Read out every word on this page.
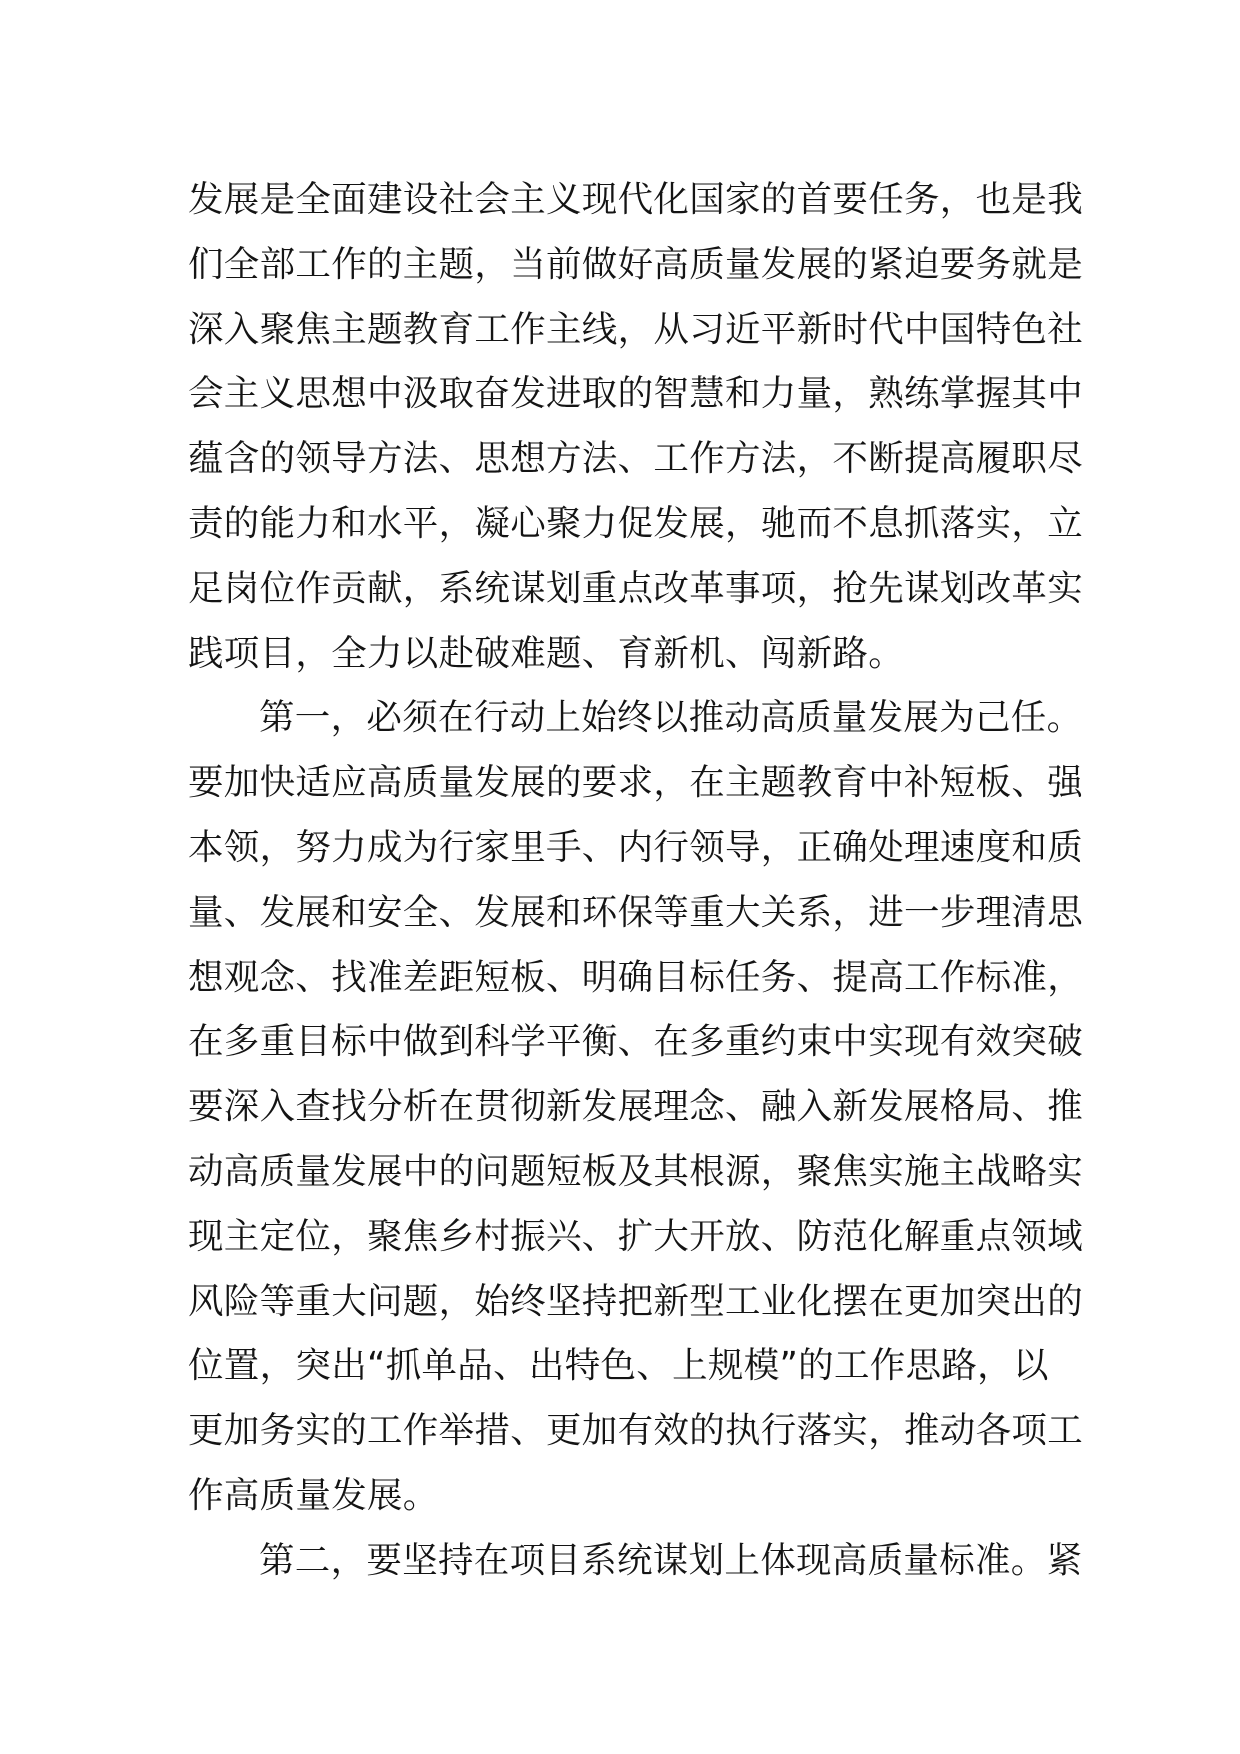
发展是全面建设社会主义现代化国家的首要任务，也是我
们全部工作的主题，当前做好高质量发展的紧迫要务就是
深入聚焦主题教育工作主线，从习近平新时代中国特色社
会主义思想中汲取奋发进取的智慧和力量，熟练掌握其中
蕴含的领导方法、思想方法、工作方法，不断提高履职尽
责的能力和水平，凝心聚力促发展，驰而不息抓落实，立
足岗位作贡献，系统谋划重点改革事项，抢先谋划改革实
践项目，全力以赴破难题、育新机、闯新路。
第一，必须在行动上始终以推动高质量发展为己任。
要加快适应高质量发展的要求，在主题教育中补短板、强
本领，努力成为行家里手、内行领导，正确处理速度和质
量、发展和安全、发展和环保等重大关系，进一步理清思
想观念、找准差距短板、明确目标任务、提高工作标准，
在多重目标中做到科学平衡、在多重约束中实现有效突破
要深入查找分析在贯彻新发展理念、融入新发展格局、推
动高质量发展中的问题短板及其根源，聚焦实施主战略实
现主定位，聚焦乡村振兴、扩大开放、防范化解重点领域
风险等重大问题，始终坚持把新型工业化摆在更加突出的
位置，突出“抓单品、出特色、上规模”的工作思路，以
更加务实的工作举措、更加有效的执行落实，推动各项工
作高质量发展。
第二，要坚持在项目系统谋划上体现高质量标准。紧
